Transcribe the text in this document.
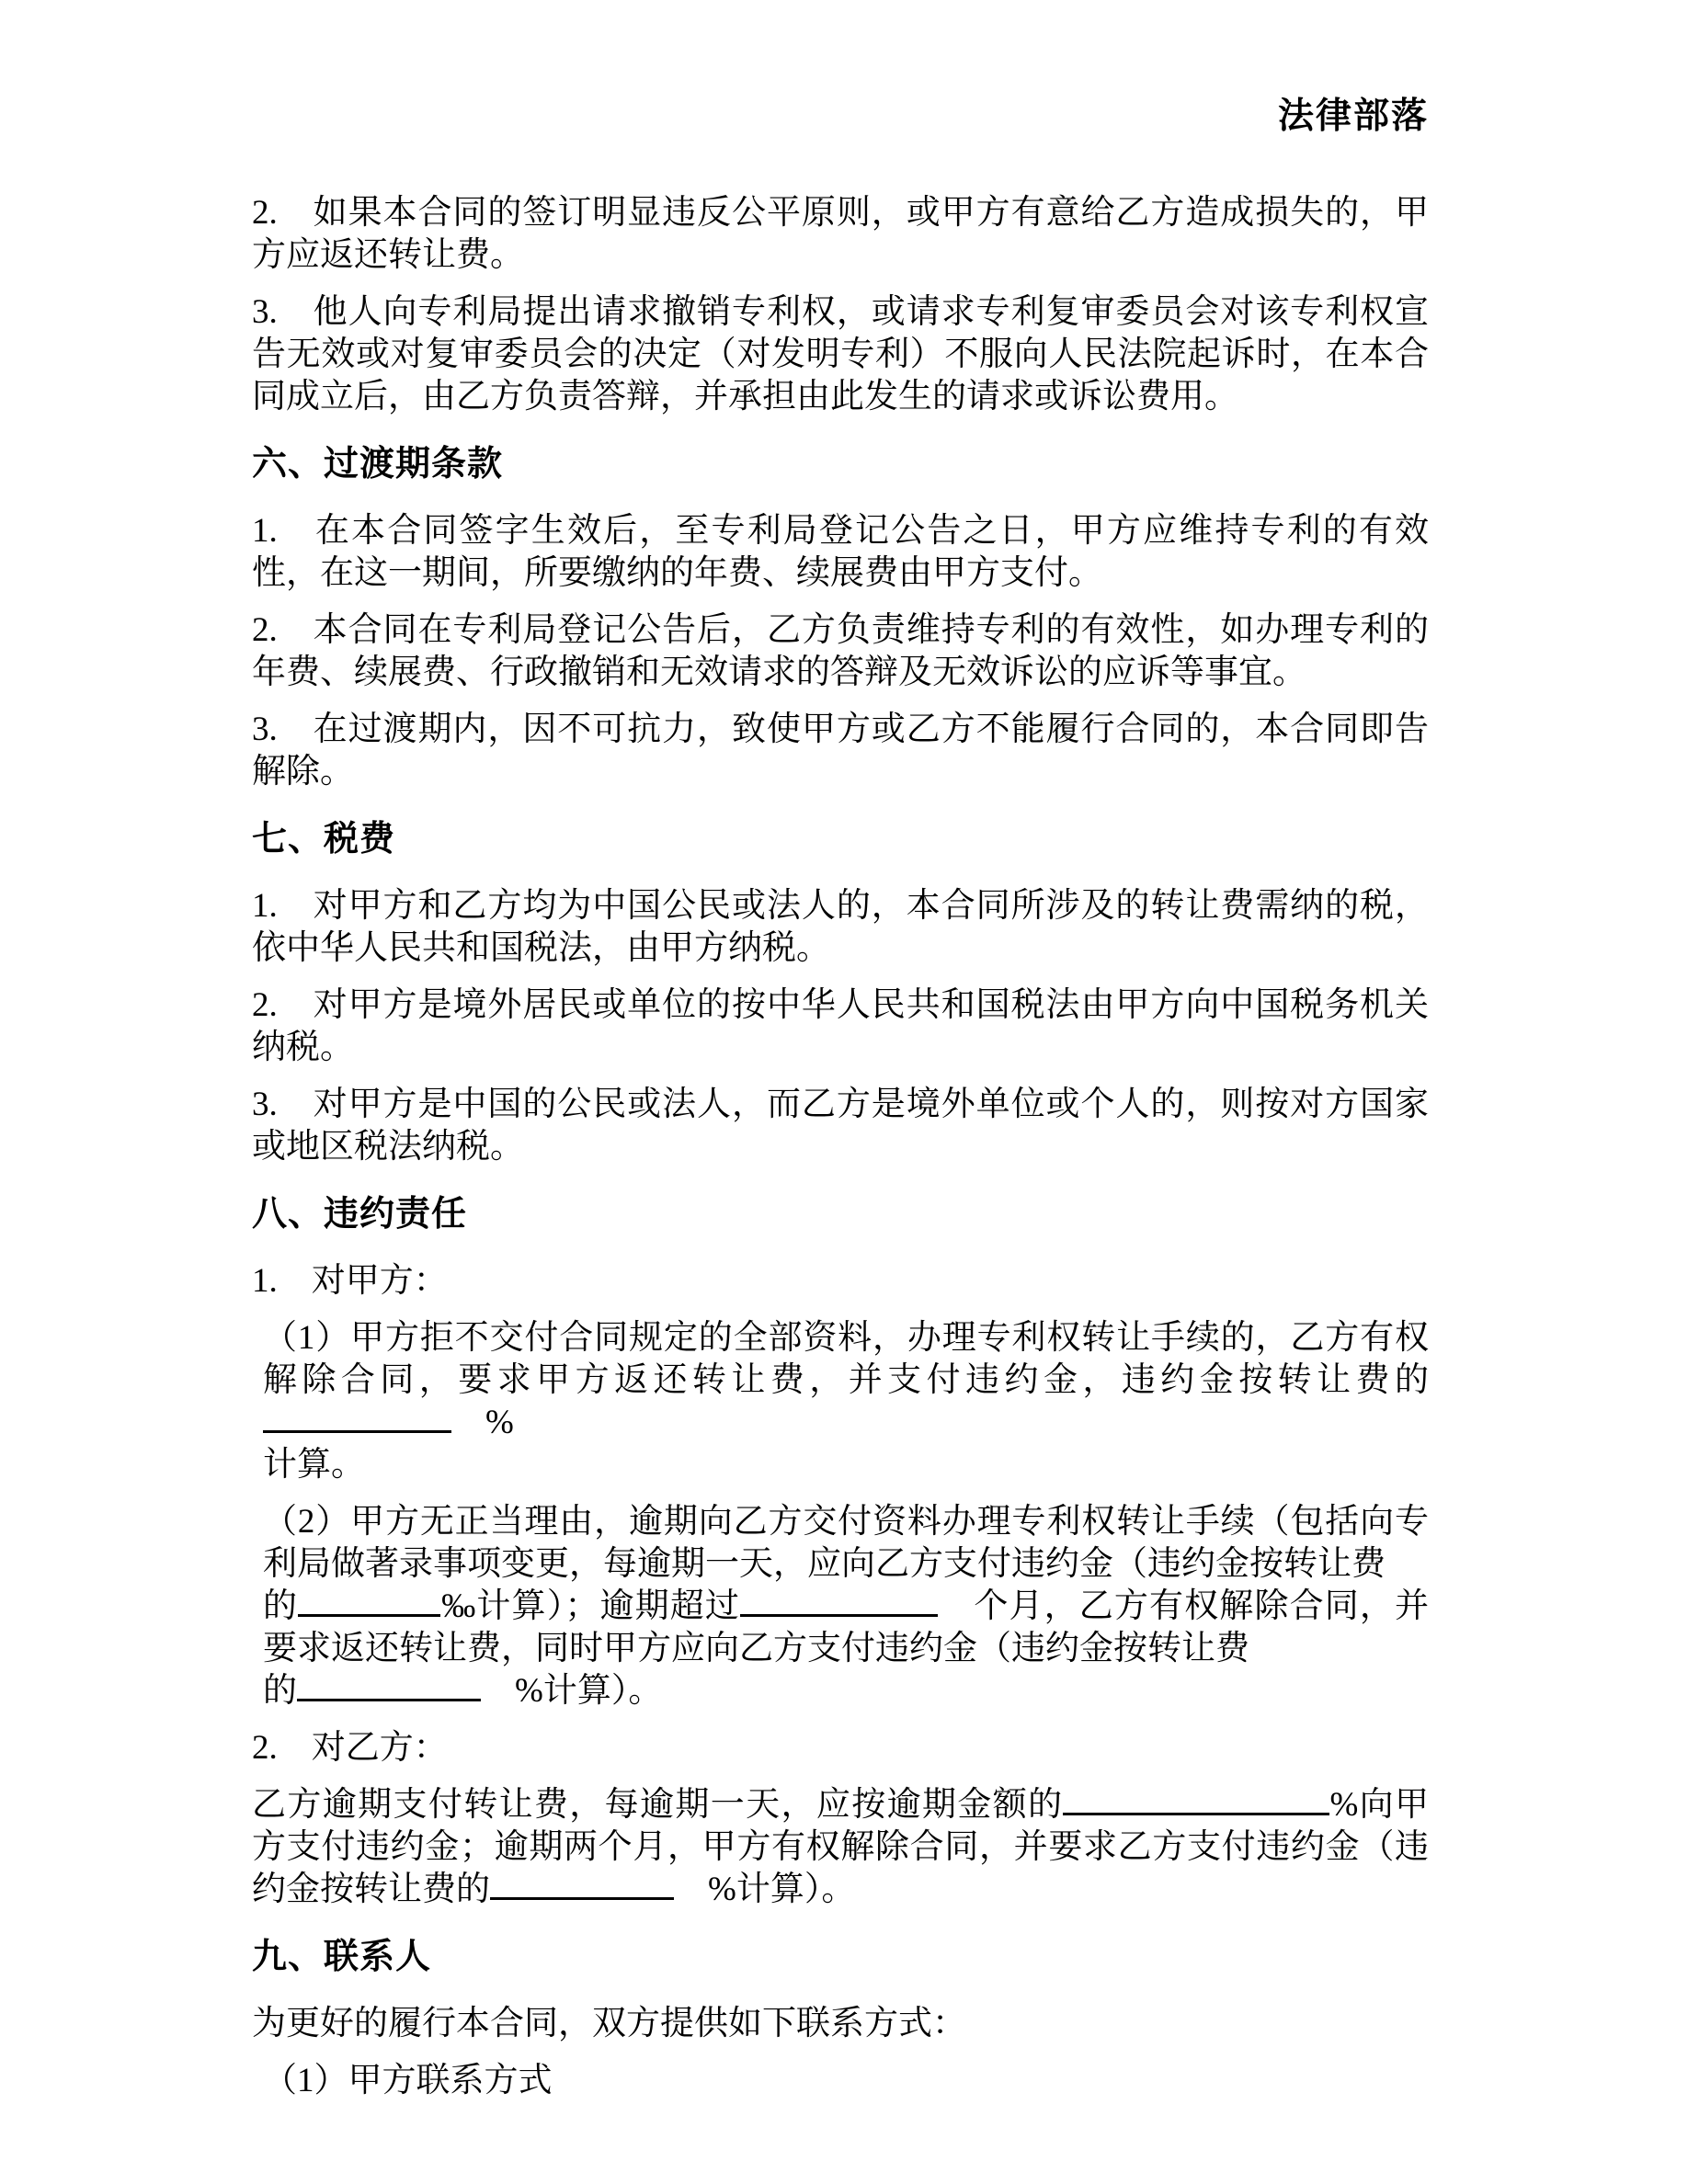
法律部落

2.　如果本合同的签订明显违反公平原则，或甲方有意给乙方造成损失的，甲方应返还转让费。

3.　他人向专利局提出请求撤销专利权，或请求专利复审委员会对该专利权宣告无效或对复审委员会的决定（对发明专利）不服向人民法院起诉时，在本合同成立后，由乙方负责答辩，并承担由此发生的请求或诉讼费用。

六、过渡期条款

1.　在本合同签字生效后，至专利局登记公告之日，甲方应维持专利的有效性，在这一期间，所要缴纳的年费、续展费由甲方支付。

2.　本合同在专利局登记公告后，乙方负责维持专利的有效性，如办理专利的年费、续展费、行政撤销和无效请求的答辩及无效诉讼的应诉等事宜。

3.　在过渡期内，因不可抗力，致使甲方或乙方不能履行合同的，本合同即告解除。

七、税费

1.　对甲方和乙方均为中国公民或法人的，本合同所涉及的转让费需纳的税，依中华人民共和国税法，由甲方纳税。

2.　对甲方是境外居民或单位的按中华人民共和国税法由甲方向中国税务机关纳税。

3.　对甲方是中国的公民或法人，而乙方是境外单位或个人的，则按对方国家或地区税法纳税。

八、违约责任

1.　对甲方：

（1）甲方拒不交付合同规定的全部资料，办理专利权转让手续的，乙方有权解除合同，要求甲方返还转让费，并支付违约金，违约金按转让费的　%
计算。

（2）甲方无正当理由，逾期向乙方交付资料办理专利权转让手续（包括向专利局做著录事项变更，每逾期一天，应向乙方支付违约金（违约金按转让费
的	‰计算）；逾期超过	　个月，乙方有权解除合同，并要求返还转让费，同时甲方应向乙方支付违约金（违约金按转让费
的	　%计算）。

2.　对乙方：

乙方逾期支付转让费，每逾期一天，应按逾期金额的	%向甲方支付违约金；逾期两个月，甲方有权解除合同，并要求乙方支付违约金（违约金按转让费的	　%计算）。

九、联系人

为更好的履行本合同，双方提供如下联系方式：

（1）甲方联系方式
